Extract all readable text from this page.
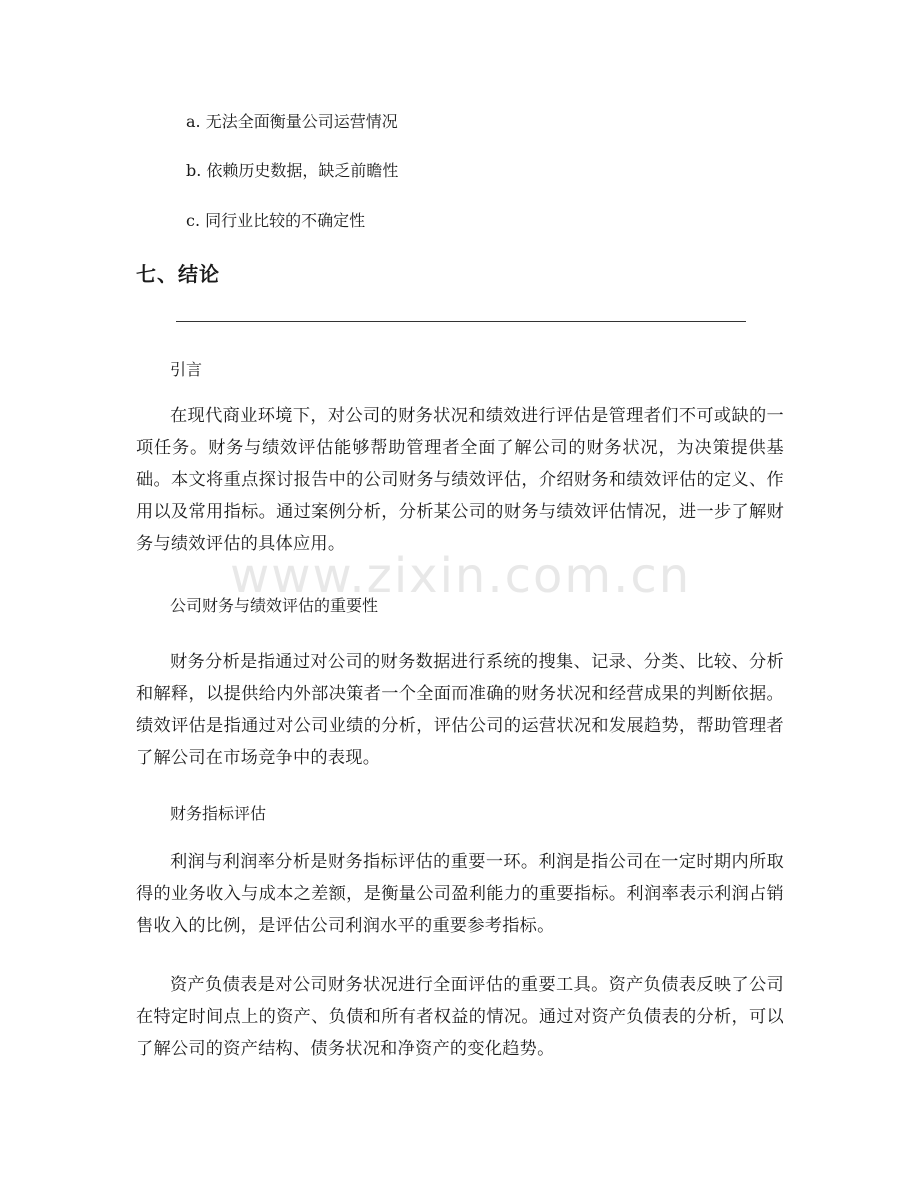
a. 无法全面衡量公司运营情况
b. 依赖历史数据，缺乏前瞻性
c. 同行业比较的不确定性
七、结论
引言
在现代商业环境下，对公司的财务状况和绩效进行评估是管理者们不可或缺的一项任务。财务与绩效评估能够帮助管理者全面了解公司的财务状况，为决策提供基础。本文将重点探讨报告中的公司财务与绩效评估，介绍财务和绩效评估的定义、作用以及常用指标。通过案例分析，分析某公司的财务与绩效评估情况，进一步了解财务与绩效评估的具体应用。
公司财务与绩效评估的重要性
财务分析是指通过对公司的财务数据进行系统的搜集、记录、分类、比较、分析和解释，以提供给内外部决策者一个全面而准确的财务状况和经营成果的判断依据。绩效评估是指通过对公司业绩的分析，评估公司的运营状况和发展趋势，帮助管理者了解公司在市场竞争中的表现。
财务指标评估
利润与利润率分析是财务指标评估的重要一环。利润是指公司在一定时期内所取得的业务收入与成本之差额，是衡量公司盈利能力的重要指标。利润率表示利润占销售收入的比例，是评估公司利润水平的重要参考指标。
资产负债表是对公司财务状况进行全面评估的重要工具。资产负债表反映了公司在特定时间点上的资产、负债和所有者权益的情况。通过对资产负债表的分析，可以了解公司的资产结构、债务状况和净资产的变化趋势。
www.zixin.com.cn
